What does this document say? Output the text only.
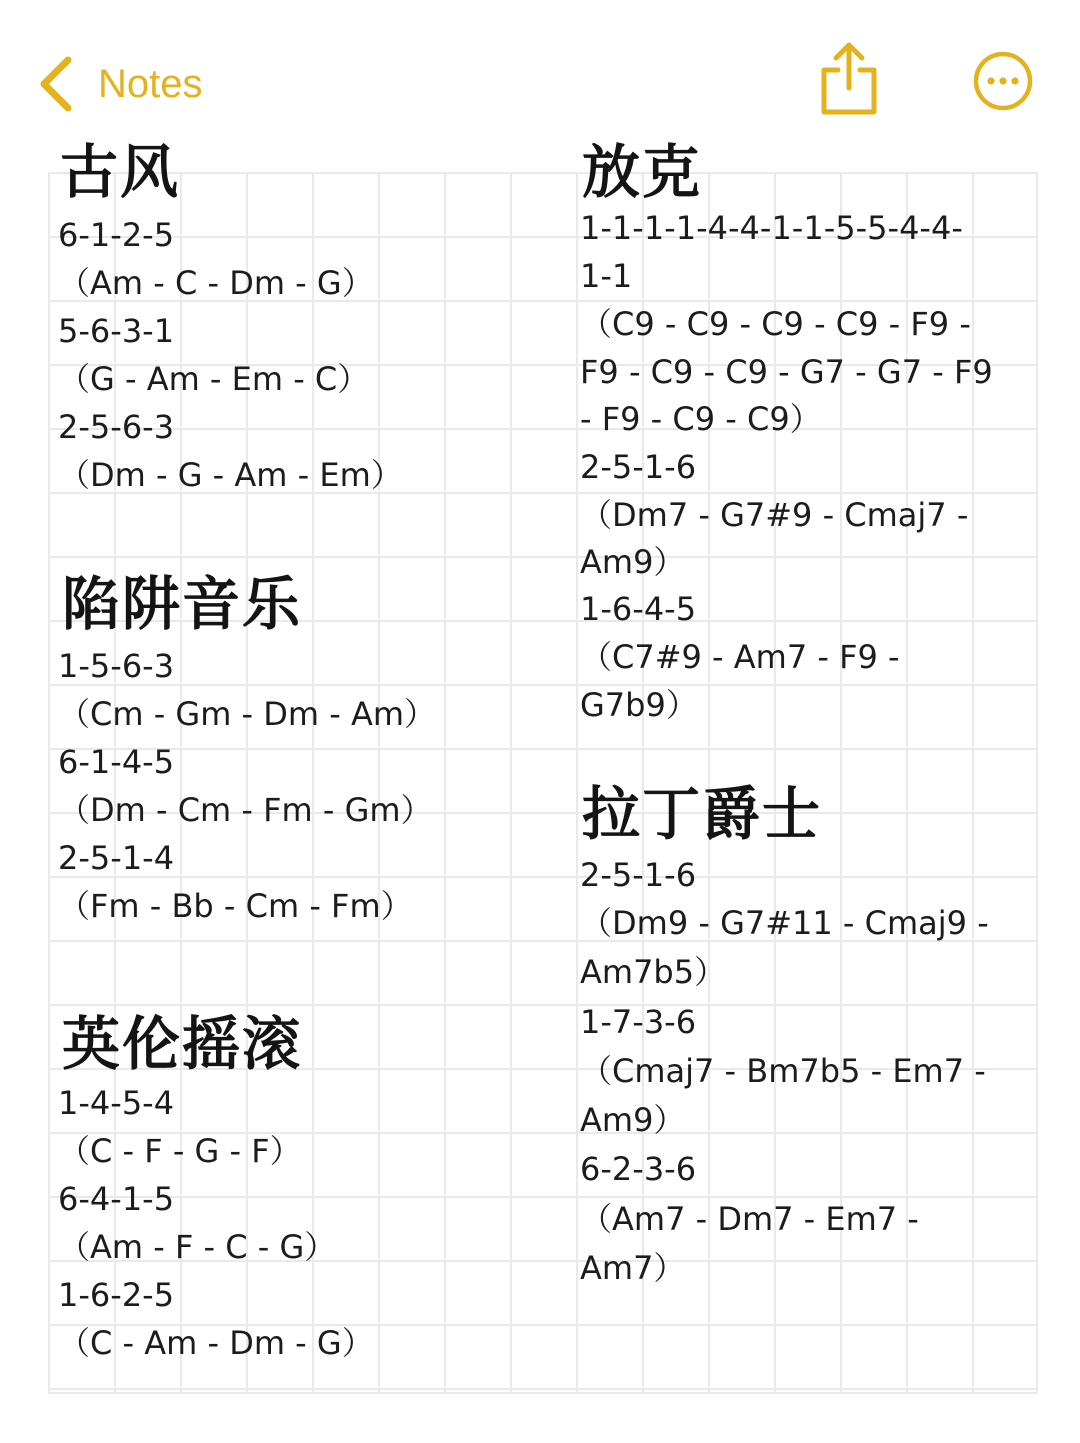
Notes
古风
6-1-2-5
（Am - C - Dm - G）
5-6-3-1
（G - Am - Em - C）
2-5-6-3
（Dm - G - Am - Em）
陷阱音乐
1-5-6-3
（Cm - Gm - Dm - Am）
6-1-4-5
（Dm - Cm - Fm - Gm）
2-5-1-4
（Fm - Bb - Cm - Fm）
英伦摇滚
1-4-5-4
（C - F - G - F）
6-4-1-5
（Am - F - C - G）
1-6-2-5
（C - Am - Dm - G）
放克
1-1-1-1-4-4-1-1-5-5-4-4-
1-1
（C9 - C9 - C9 - C9 - F9 -
F9 - C9 - C9 - G7 - G7 - F9
- F9 - C9 - C9）
2-5-1-6
（Dm7 - G7#9 - Cmaj7 -
Am9）
1-6-4-5
（C7#9 - Am7 - F9 -
G7b9）
拉丁爵士
2-5-1-6
（Dm9 - G7#11 - Cmaj9 -
Am7b5）
1-7-3-6
（Cmaj7 - Bm7b5 - Em7 -
Am9）
6-2-3-6
（Am7 - Dm7 - Em7 -
Am7）
